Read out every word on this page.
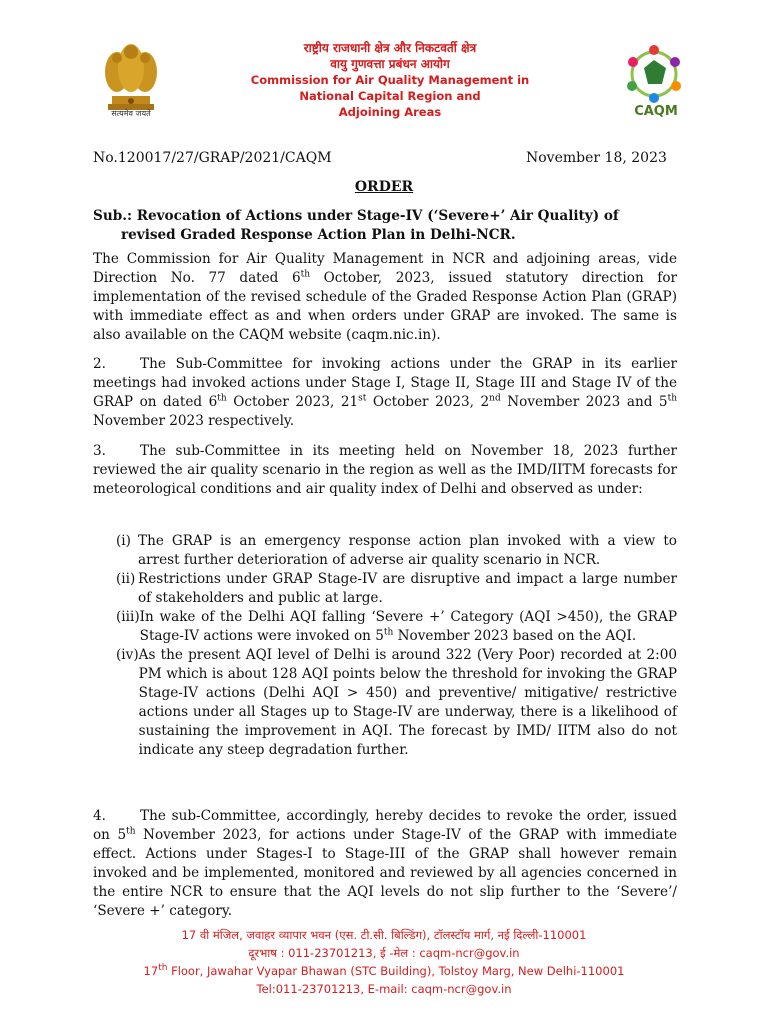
सत्यमेव जयते
राष्ट्रीय राजधानी क्षेत्र और निकटवर्ती क्षेत्र
वायु गुणवत्ता प्रबंधन आयोग
Commission for Air Quality Management in
National Capital Region and
Adjoining Areas	CAQM
No.120017/27/GRAP/2021/CAQM	November 18, 2023
ORDER
Sub.: Revocation of Actions under Stage-IV (‘Severe+’ Air Quality) of
revised Graded Response Action Plan in Delhi-NCR.
The Commission for Air Quality Management in NCR and adjoining areas, vide Direction No. 77 dated 6th October, 2023, issued statutory direction for implementation of the revised schedule of the Graded Response Action Plan (GRAP) with immediate effect as and when orders under GRAP are invoked. The same is also available on the CAQM website (caqm.nic.in).
2.	The Sub-Committee for invoking actions under the GRAP in its earlier meetings had invoked actions under Stage I, Stage II, Stage III and Stage IV of the GRAP on dated 6th October 2023, 21st October 2023, 2nd November 2023 and 5th November 2023 respectively.
3.	The sub-Committee in its meeting held on November 18, 2023 further reviewed the air quality scenario in the region as well as the IMD/IITM forecasts for meteorological conditions and air quality index of Delhi and observed as under:
(i) The GRAP is an emergency response action plan invoked with a view to arrest further deterioration of adverse air quality scenario in NCR.
(ii) Restrictions under GRAP Stage-IV are disruptive and impact a large number of stakeholders and public at large.
(iii) In wake of the Delhi AQI falling ‘Severe +’ Category (AQI >450), the GRAP Stage-IV actions were invoked on 5th November 2023 based on the AQI.
(iv) As the present AQI level of Delhi is around 322 (Very Poor) recorded at 2:00 PM which is about 128 AQI points below the threshold for invoking the GRAP Stage-IV actions (Delhi AQI > 450) and preventive/ mitigative/ restrictive actions under all Stages up to Stage-IV are underway, there is a likelihood of sustaining the improvement in AQI. The forecast by IMD/ IITM also do not indicate any steep degradation further.
4.	The sub-Committee, accordingly, hereby decides to revoke the order, issued on 5th November 2023, for actions under Stage-IV of the GRAP with immediate effect. Actions under Stages-I to Stage-III of the GRAP shall however remain invoked and be implemented, monitored and reviewed by all agencies concerned in the entire NCR to ensure that the AQI levels do not slip further to the ‘Severe’/ ‘Severe +’ category.
17 वी मंजिल, जवाहर व्यापार भवन (एस. टी.सी. बिल्डिंग), टॉलस्टॉय मार्ग, नई दिल्ली-110001
दूरभाष : 011-23701213, ई -मेल : caqm-ncr@gov.in
17th Floor, Jawahar Vyapar Bhawan (STC Building), Tolstoy Marg, New Delhi-110001
Tel:011-23701213, E-mail: caqm-ncr@gov.in
